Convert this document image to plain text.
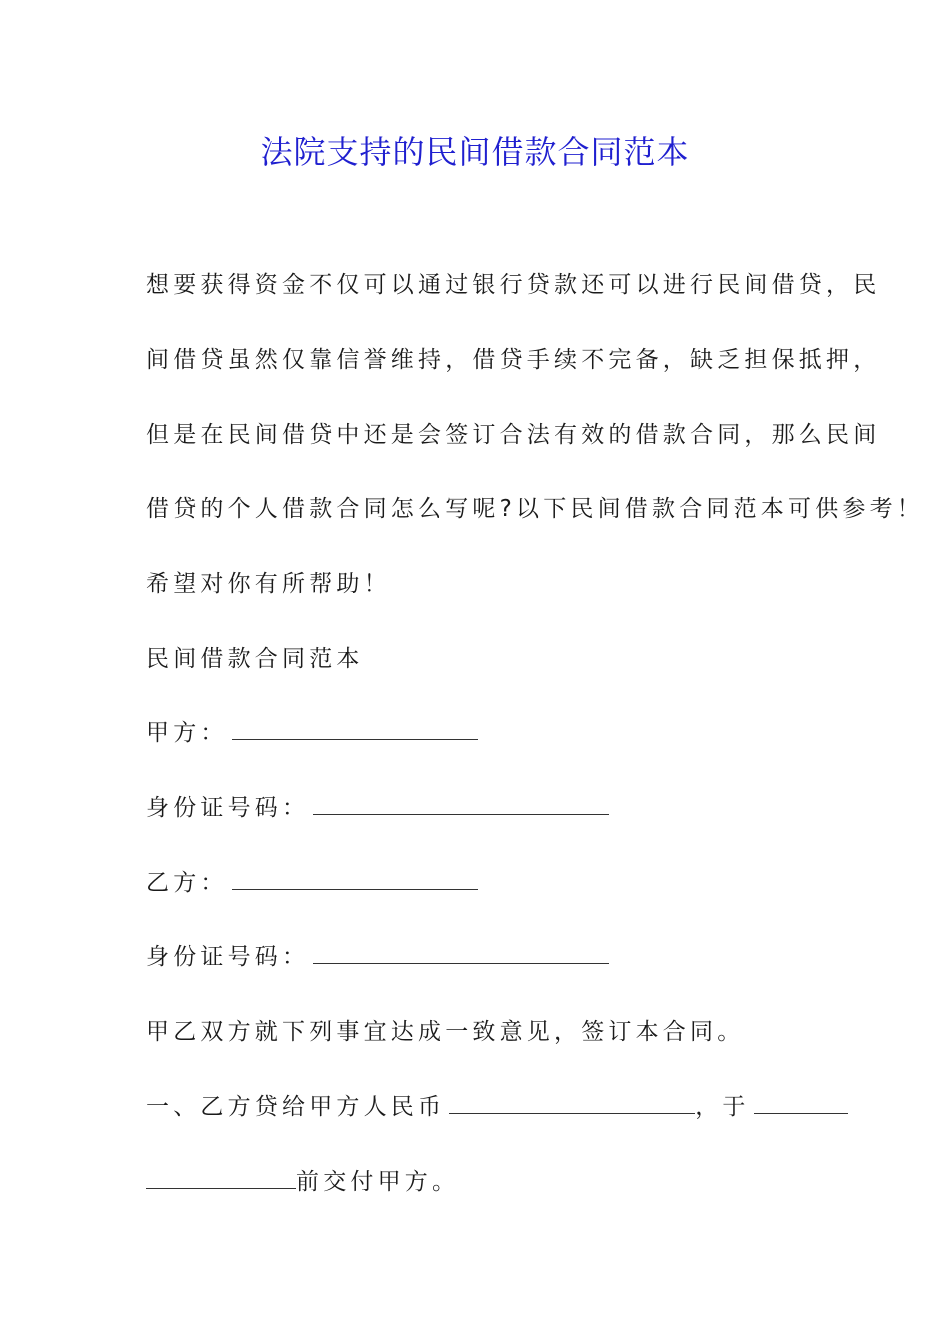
法院支持的民间借款合同范本

想要获得资金不仅可以通过银行贷款还可以进行民间借贷，民

间借贷虽然仅靠信誉维持，借贷手续不完备，缺乏担保抵押，

但是在民间借贷中还是会签订合法有效的借款合同，那么民间

借贷的个人借款合同怎么写呢?以下民间借款合同范本可供参考！

希望对你有所帮助！

民间借款合同范本

甲方：

身份证号码：

乙方：

身份证号码：

甲乙双方就下列事宜达成一致意见，签订本合同。

一、乙方贷给甲方人民币	，于

前交付甲方。
